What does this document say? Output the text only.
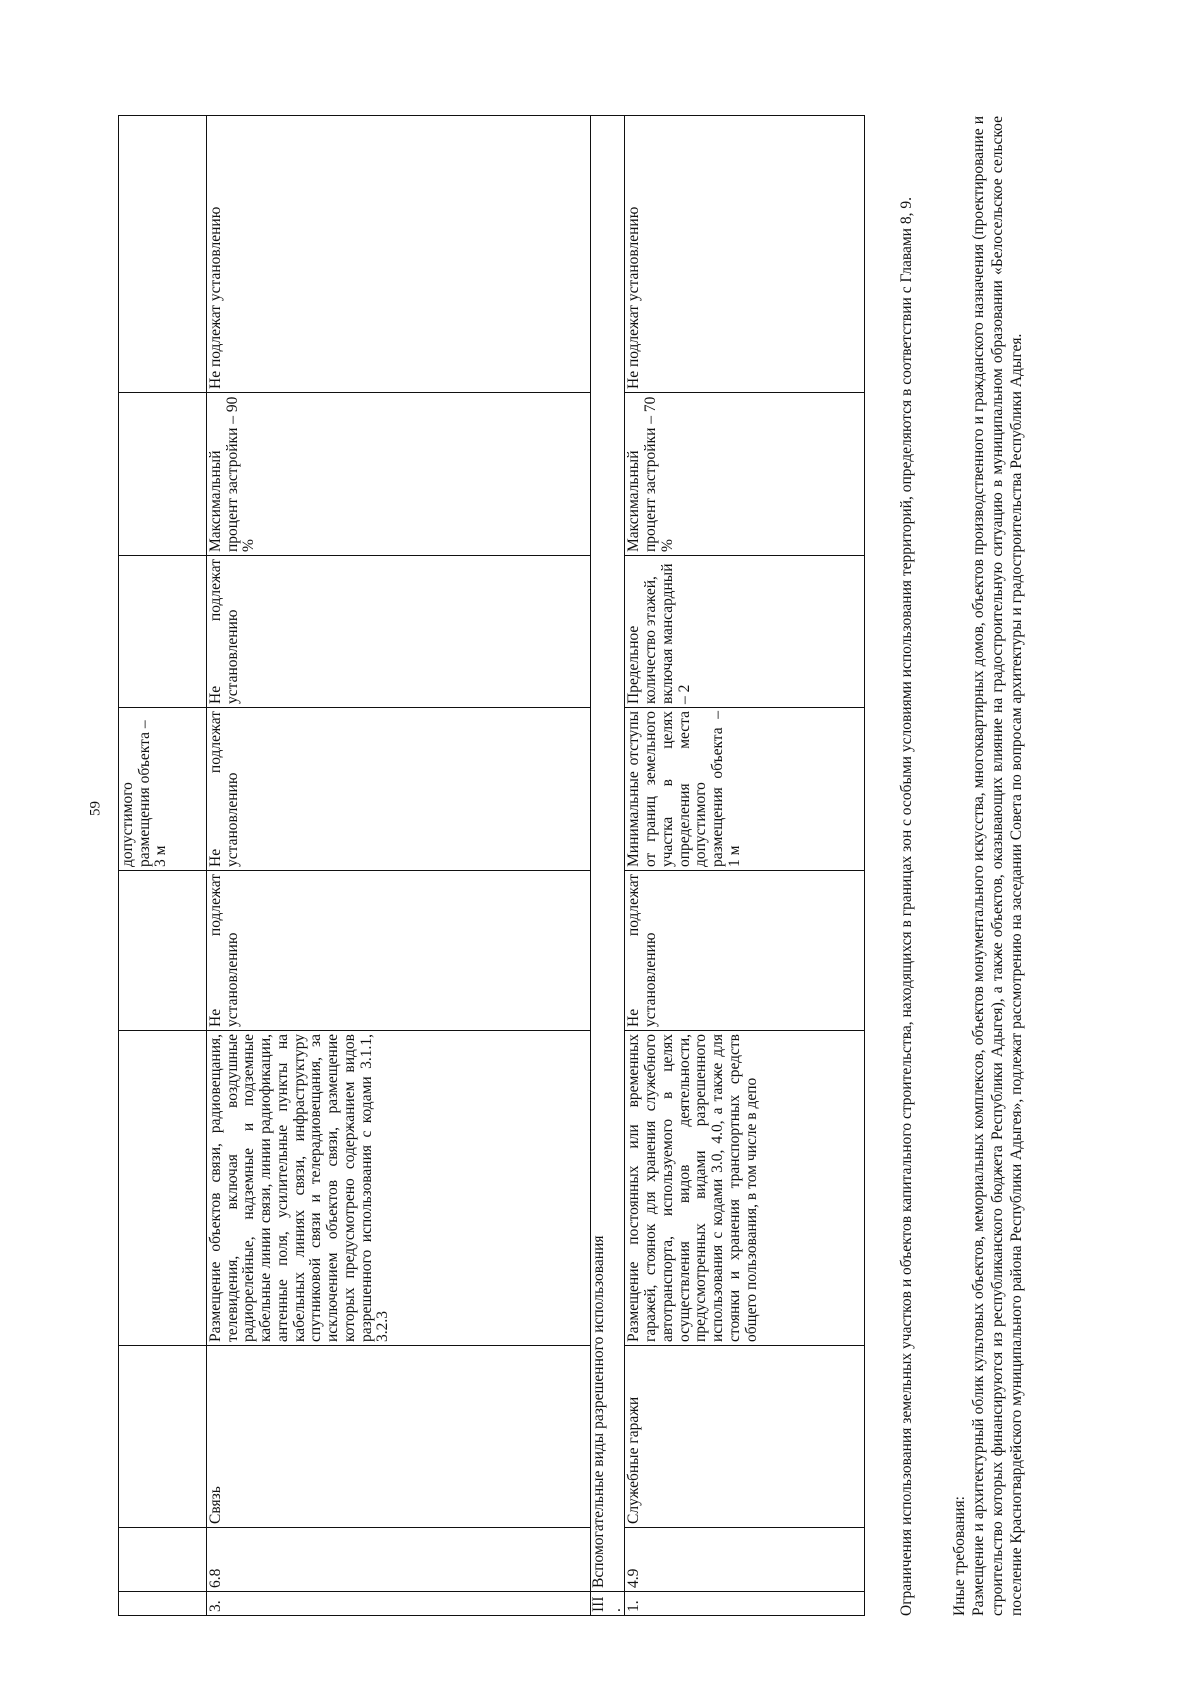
59
					допустимого размещения объекта – 3 м			
3.	6.8	Связь	Размещение объектов связи, радиовещания, телевидения, включая воздушные радиорелейные, надземные и подземные кабельные линии связи, линии радиофикации, антенные поля, усилительные пункты на кабельных линиях связи, инфраструктуру спутниковой связи и телерадиовещания, за исключением объектов связи, размещение которых предусмотрено содержанием видов разрешенного использования с кодами 3.1.1, 3.2.3	Не подлежат установлению	Не подлежат установлению	Не подлежат установлению	Максимальный процент застройки – 90 %	Не подлежат установлению

III.	Вспомогательные виды разрешенного использования							
1.	4.9	Служебные гаражи	Размещение постоянных или временных гаражей, стоянок для хранения служебного автотранспорта, используемого в целях осуществления видов деятельности, предусмотренных видами разрешенного использования с кодами 3.0, 4.0, а также для стоянки и хранения транспортных средств общего пользования, в том числе в депо	Не подлежат установлению	Минимальные отступы от границ земельного участка в целях определения места допустимого размещения объекта – 1 м	Предельное количество этажей, включая мансардный – 2	Максимальный процент застройки – 70 %	Не подлежат установлению	Ограничения использования земельных участков и объектов капитального строительства, находящихся в границах зон с особыми условиями использования территорий, определяются в соответствии с Главами 8, 9. Иные требования: Размещение и архитектурный облик культовых объектов, мемориальных комплексов, объектов монументального искусства, многоквартирных домов, объектов производственного и гражданского назначения (проектирование и строительство которых финансируются из республиканского бюджета Республики Адыгея), а также объектов, оказывающих влияние на градостроительную ситуацию в муниципальном образовании «Белосельское сельское поселение Красногвардейского муниципального района Республики Адыгея», подлежат рассмотрению на заседании Совета по вопросам архитектуры и градостроительства Республики Адыгея.
